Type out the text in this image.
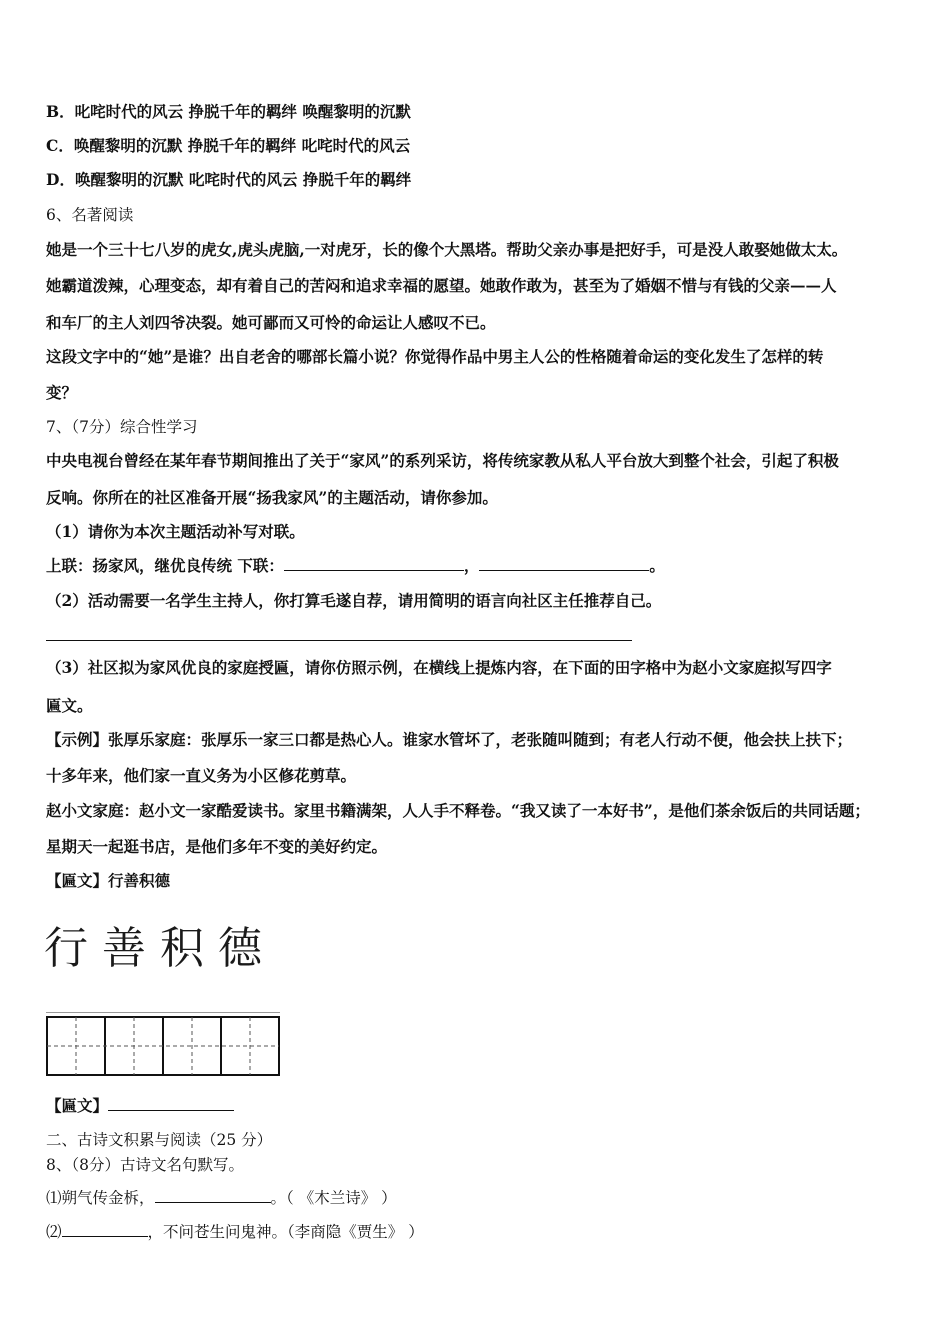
B．叱咤时代的风云 挣脱千年的羁绊 唤醒黎明的沉默
C．唤醒黎明的沉默 挣脱千年的羁绊 叱咤时代的风云
D．唤醒黎明的沉默 叱咤时代的风云 挣脱千年的羁绊
6、名著阅读
她是一个三十七八岁的虎女,虎头虎脑,一对虎牙，长的像个大黑塔。帮助父亲办事是把好手，可是没人敢娶她做太太。
她霸道泼辣，心理变态，却有着自己的苦闷和追求幸福的愿望。她敢作敢为，甚至为了婚姻不惜与有钱的父亲——人
和车厂的主人刘四爷决裂。她可鄙而又可怜的命运让人感叹不已。
这段文字中的“她”是谁？出自老舍的哪部长篇小说？你觉得作品中男主人公的性格随着命运的变化发生了怎样的转
变？
7、（7分）综合性学习
中央电视台曾经在某年春节期间推出了关于“家风”的系列采访，将传统家教从私人平台放大到整个社会，引起了积极
反响。你所在的社区准备开展“扬我家风”的主题活动，请你参加。
（1）请你为本次主题活动补写对联。
上联：扬家风，继优良传统 下联：	，	。
（2）活动需要一名学生主持人，你打算毛遂自荐，请用简明的语言向社区主任推荐自己。
（3）社区拟为家风优良的家庭授匾，请你仿照示例，在横线上提炼内容，在下面的田字格中为赵小文家庭拟写四字
匾文。
【示例】张厚乐家庭：张厚乐一家三口都是热心人。谁家水管坏了，老张随叫随到；有老人行动不便，他会扶上扶下；
十多年来，他们家一直义务为小区修花剪草。
赵小文家庭：赵小文一家酷爱读书。家里书籍满架，人人手不释卷。“我又读了一本好书”，是他们茶余饭后的共同话题；
星期天一起逛书店，是他们多年不变的美好约定。
【匾文】行善积德
行善积德
【匾文】
二、古诗文积累与阅读（25 分）
8、（8分）古诗文名句默写。
⑴朔气传金柝，	。（ 《木兰诗》 ）
⑵	，不问苍生问鬼神。（李商隐《贾生》 ）
